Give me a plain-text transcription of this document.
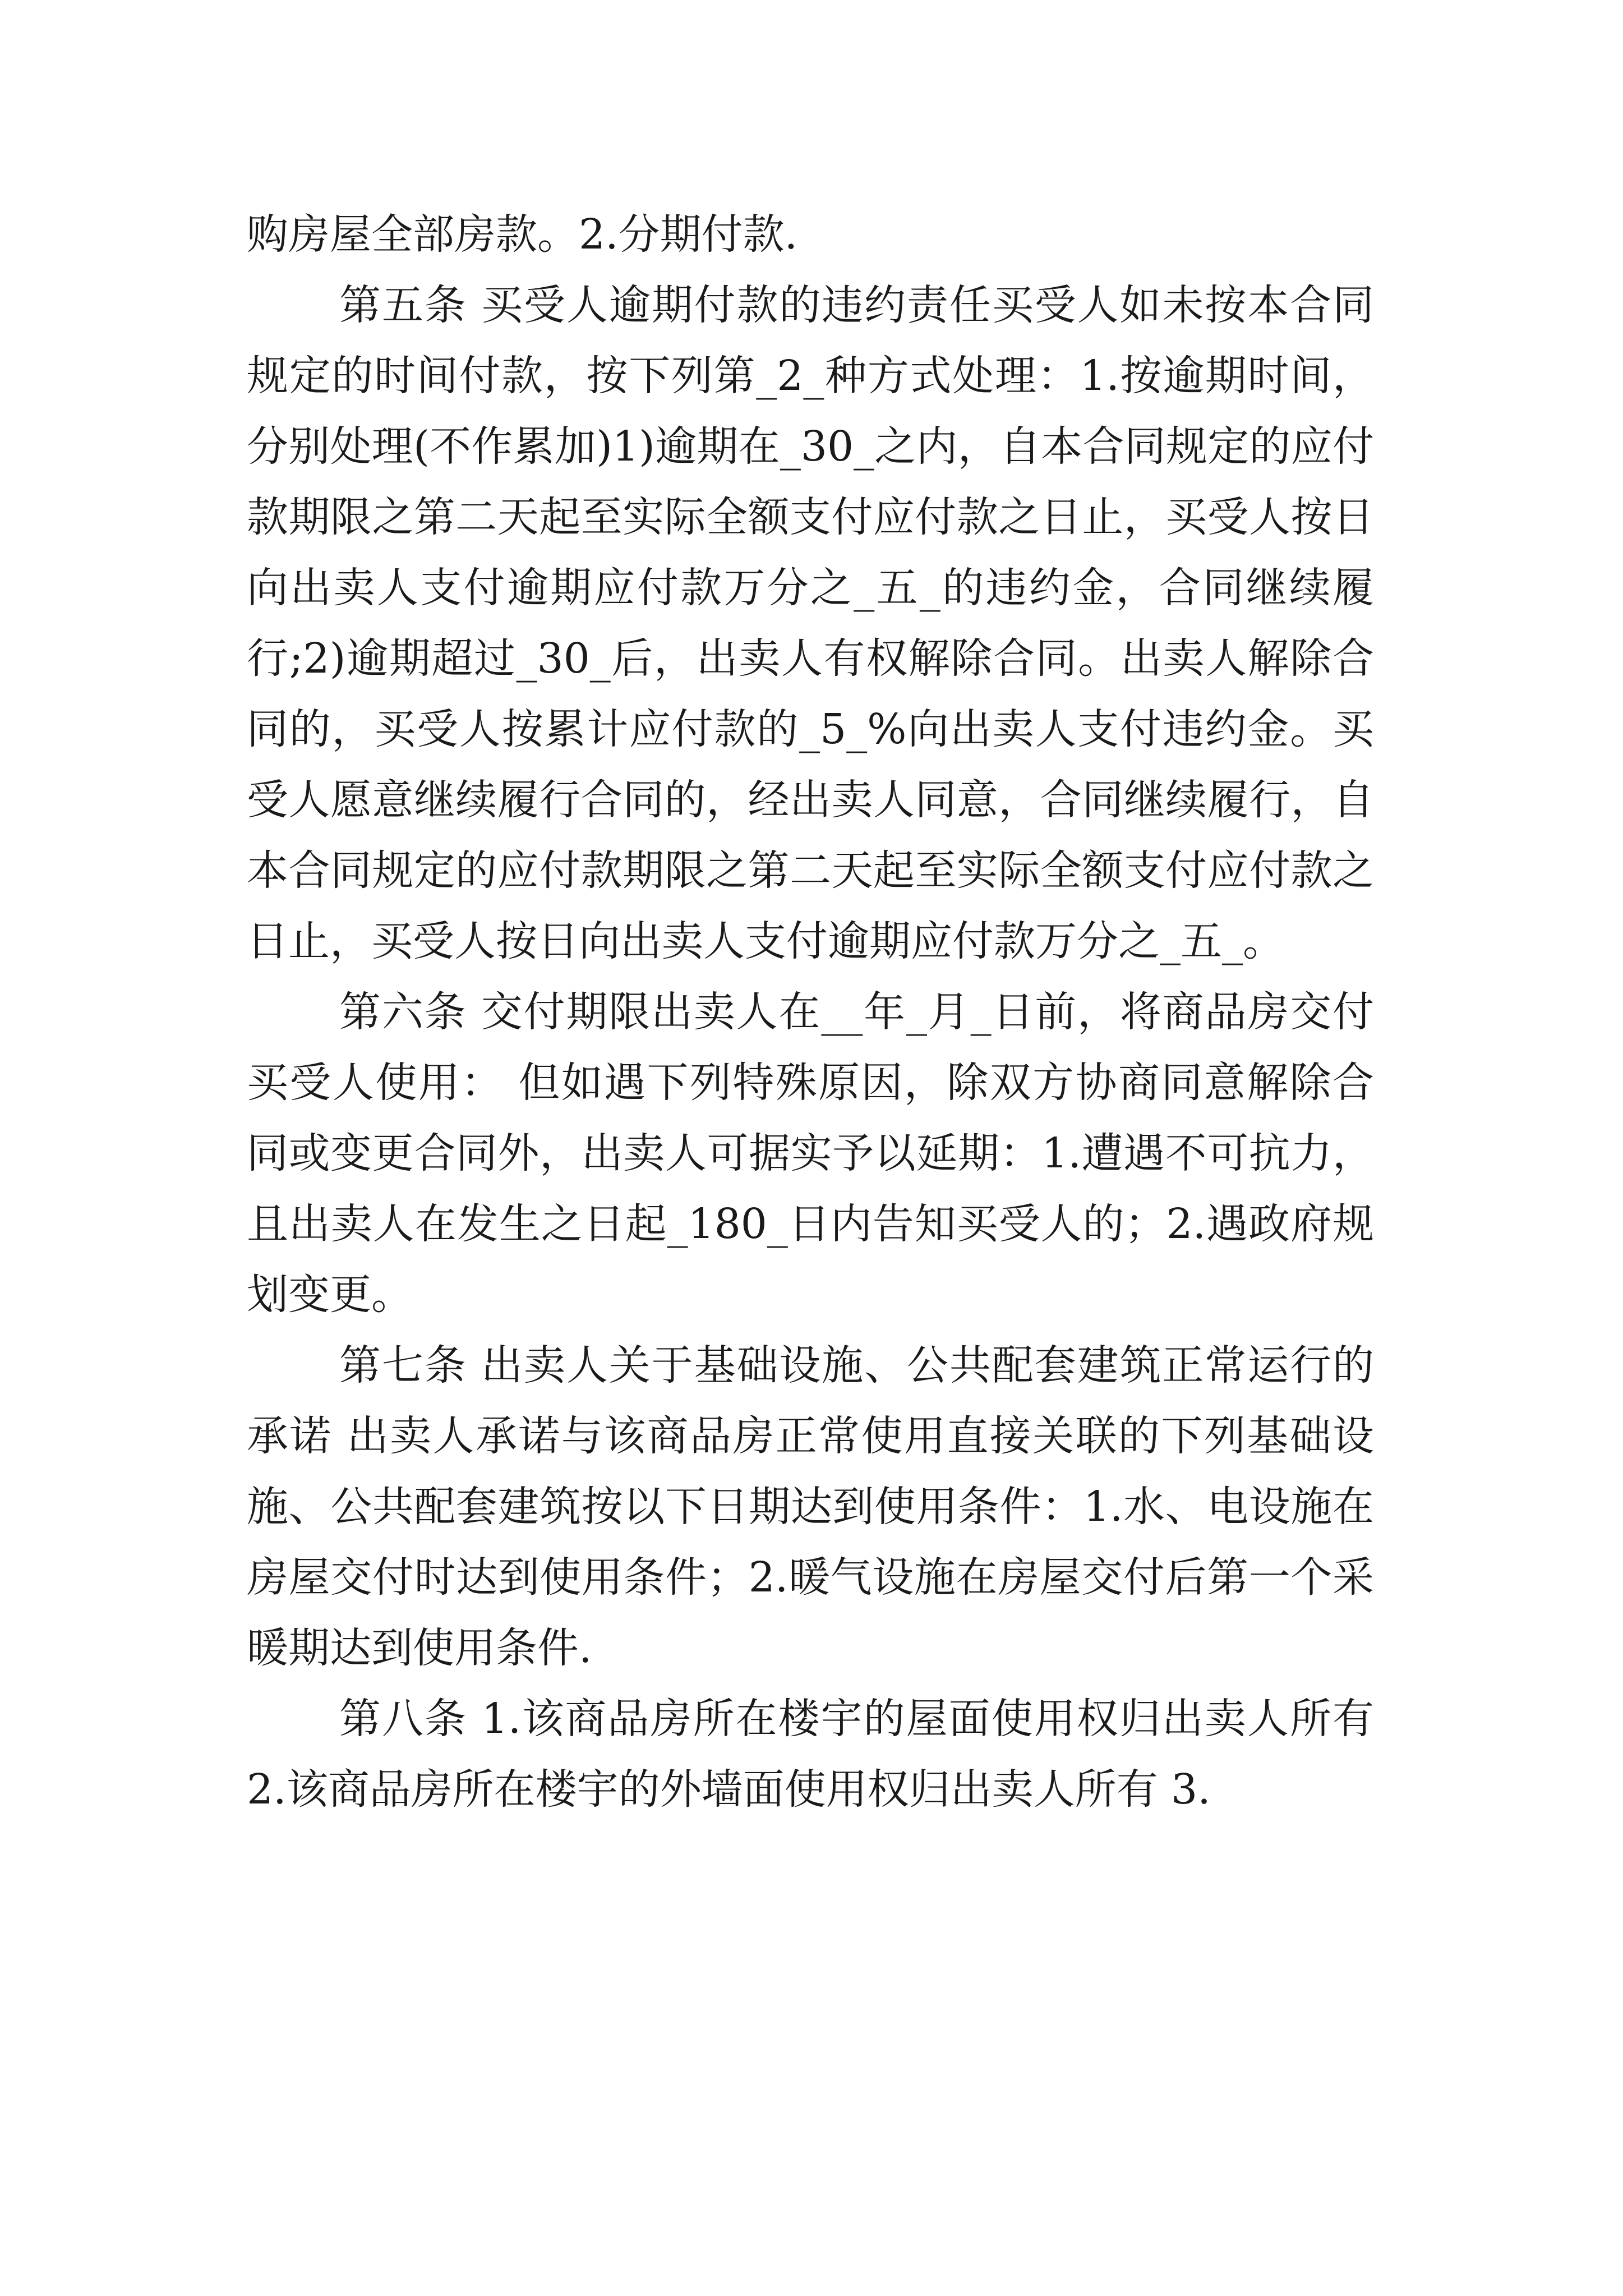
购房屋全部房款。2.分期付款.

第五条 买受人逾期付款的违约责任买受人如未按本合同规定的时间付款，按下列第_2_种方式处理：1.按逾期时间，分别处理(不作累加)1)逾期在_30_之内，自本合同规定的应付款期限之第二天起至实际全额支付应付款之日止，买受人按日向出卖人支付逾期应付款万分之_五_的违约金，合同继续履行;2)逾期超过_30_后，出卖人有权解除合同。出卖人解除合同的，买受人按累计应付款的_5_%向出卖人支付违约金。买受人愿意继续履行合同的，经出卖人同意，合同继续履行，自本合同规定的应付款期限之第二天起至实际全额支付应付款之日止，买受人按日向出卖人支付逾期应付款万分之_五_。

第六条 交付期限出卖人在__年_月_日前，将商品房交付买受人使用： 但如遇下列特殊原因，除双方协商同意解除合同或变更合同外，出卖人可据实予以延期：1.遭遇不可抗力，且出卖人在发生之日起_180_日内告知买受人的；2.遇政府规划变更。

第七条 出卖人关于基础设施、公共配套建筑正常运行的承诺 出卖人承诺与该商品房正常使用直接关联的下列基础设施、公共配套建筑按以下日期达到使用条件：1.水、电设施在房屋交付时达到使用条件；2.暖气设施在房屋交付后第一个采暖期达到使用条件.

第八条 1.该商品房所在楼宇的屋面使用权归出卖人所有 2.该商品房所在楼宇的外墙面使用权归出卖人所有 3.
